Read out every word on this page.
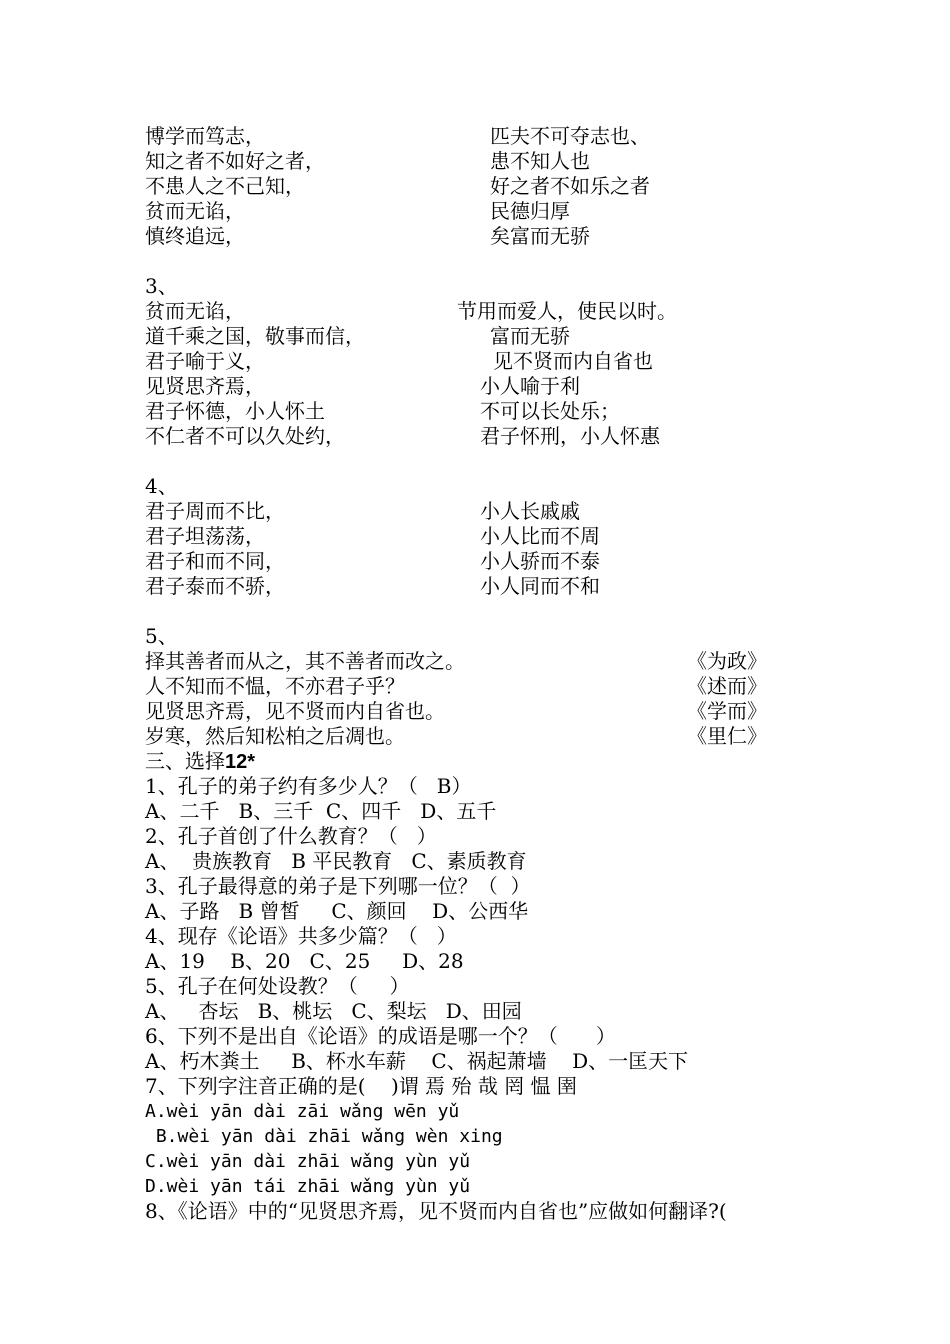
博学而笃志，	匹夫不可夺志也、
知之者不如好之者，	患不知人也
不患人之不己知，	好之者不如乐之者
贫而无谄，	民德归厚
慎终追远，	矣富而无骄
3、
贫而无谄，	节用而爱人，使民以时。
道千乘之国，敬事而信，	富而无骄
君子喻于义，	见不贤而内自省也
见贤思齐焉，	小人喻于利
君子怀德，小人怀土	不可以长处乐；
不仁者不可以久处约，	君子怀刑，小人怀惠
4、
君子周而不比，	小人长戚戚
君子坦荡荡，	小人比而不周
君子和而不同，	小人骄而不泰
君子泰而不骄，	小人同而不和
5、
择其善者而从之，其不善者而改之。	《为政》
人不知而不愠，不亦君子乎？	《述而》
见贤思齐焉，见不贤而内自省也。	《学而》
岁寒，然后知松柏之后凋也。	《里仁》
三、选择12*
1、孔子的弟子约有多少人？（   B）
A、二千   B、三千  C、四千   D、五千
2、孔子首创了什么教育？（   ）
A、  贵族教育   B 平民教育   C、素质教育
3、孔子最得意的弟子是下列哪一位？（  ）
A、子路   B 曾皙     C、颜回    D、公西华
4、现存《论语》共多少篇？（   ）
A、19    B、20   C、25     D、28
5、孔子在何处设教？（     ）
A、   杏坛   B、桃坛   C、梨坛   D、田园
6、下列不是出自《论语》的成语是哪一个？（      ）
A、朽木粪土     B、杯水车薪    C、祸起萧墙    D、一匡天下
7、下列字注音正确的是(    )谓 焉 殆 哉 罔 愠 圉
A.wèi yān dài zāi wǎng wēn yǔ
B.wèi yān dài zhāi wǎng wèn xing
C.wèi yān dài zhāi wǎng yùn yǔ
D.wèi yān tái zhāi wǎng yùn yǔ
8、《论语》中的“见贤思齐焉，见不贤而内自省也”应做如何翻译?(
